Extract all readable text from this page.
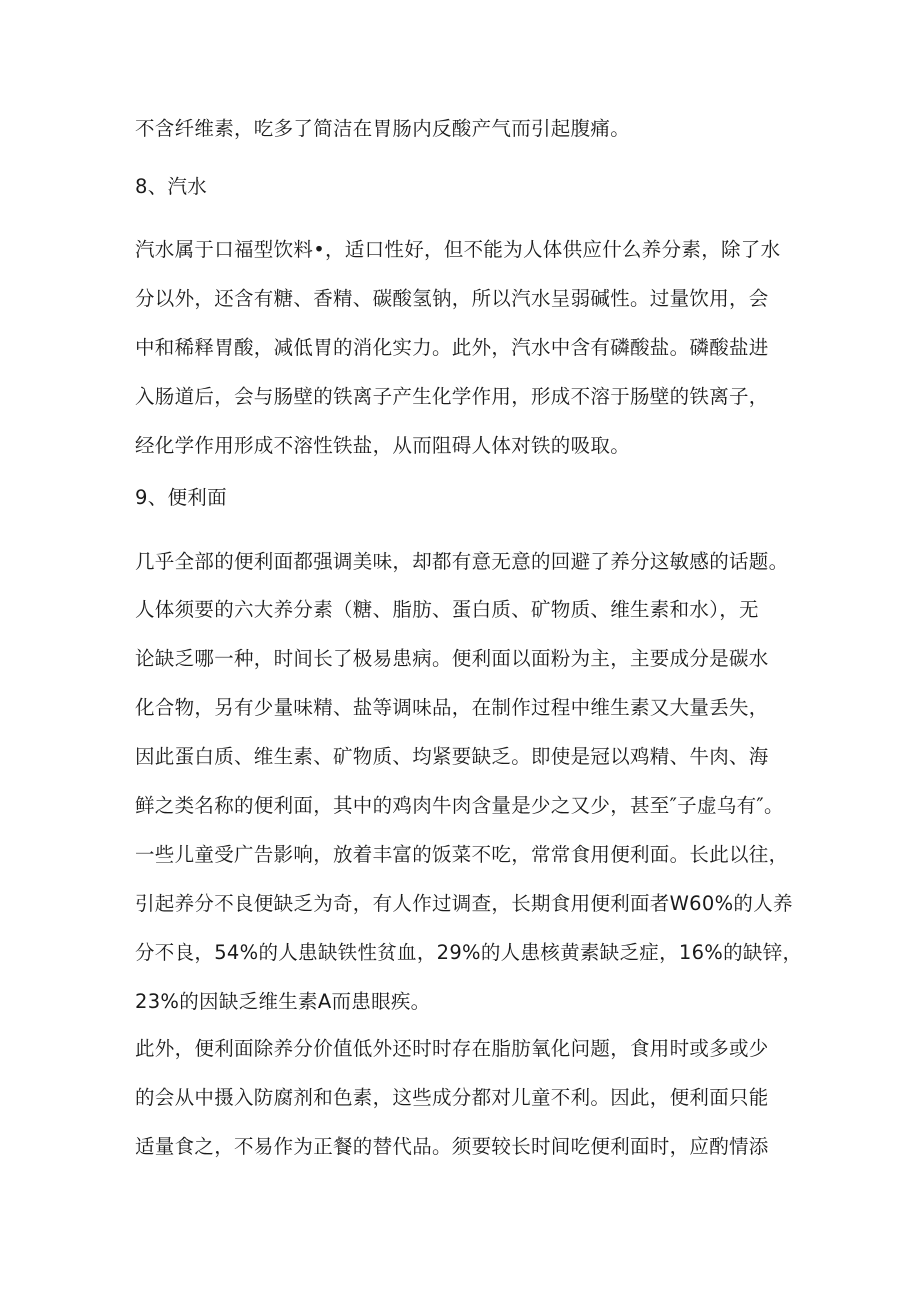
不含纤维素，吃多了简洁在胃肠内反酸产气而引起腹痛。
8、汽水
汽水属于口福型饮料•，适口性好，但不能为人体供应什么养分素，除了水
分以外，还含有糖、香精、碳酸氢钠，所以汽水呈弱碱性。过量饮用，会
中和稀释胃酸，减低胃的消化实力。此外，汽水中含有磷酸盐。磷酸盐进
入肠道后，会与肠壁的铁离子产生化学作用，形成不溶于肠壁的铁离子，
经化学作用形成不溶性铁盐，从而阻碍人体对铁的吸取。
9、便利面
几乎全部的便利面都强调美味，却都有意无意的回避了养分这敏感的话题。
人体须要的六大养分素（糖、脂肪、蛋白质、矿物质、维生素和水），无
论缺乏哪一种，时间长了极易患病。便利面以面粉为主，主要成分是碳水
化合物，另有少量味精、盐等调味品，在制作过程中维生素又大量丢失，
因此蛋白质、维生素、矿物质、均紧要缺乏。即使是冠以鸡精、牛肉、海
鲜之类名称的便利面，其中的鸡肉牛肉含量是少之又少，甚至″子虚乌有″。
一些儿童受广告影响，放着丰富的饭菜不吃，常常食用便利面。长此以往，
引起养分不良便缺乏为奇，有人作过调查，长期食用便利面者W60%的人养
分不良，54%的人患缺铁性贫血，29%的人患核黄素缺乏症，16%的缺锌，
23%的因缺乏维生素A而患眼疾。
此外，便利面除养分价值低外还时时存在脂肪氧化问题，食用时或多或少
的会从中摄入防腐剂和色素，这些成分都对儿童不利。因此，便利面只能
适量食之，不易作为正餐的替代品。须要较长时间吃便利面时，应酌情添
